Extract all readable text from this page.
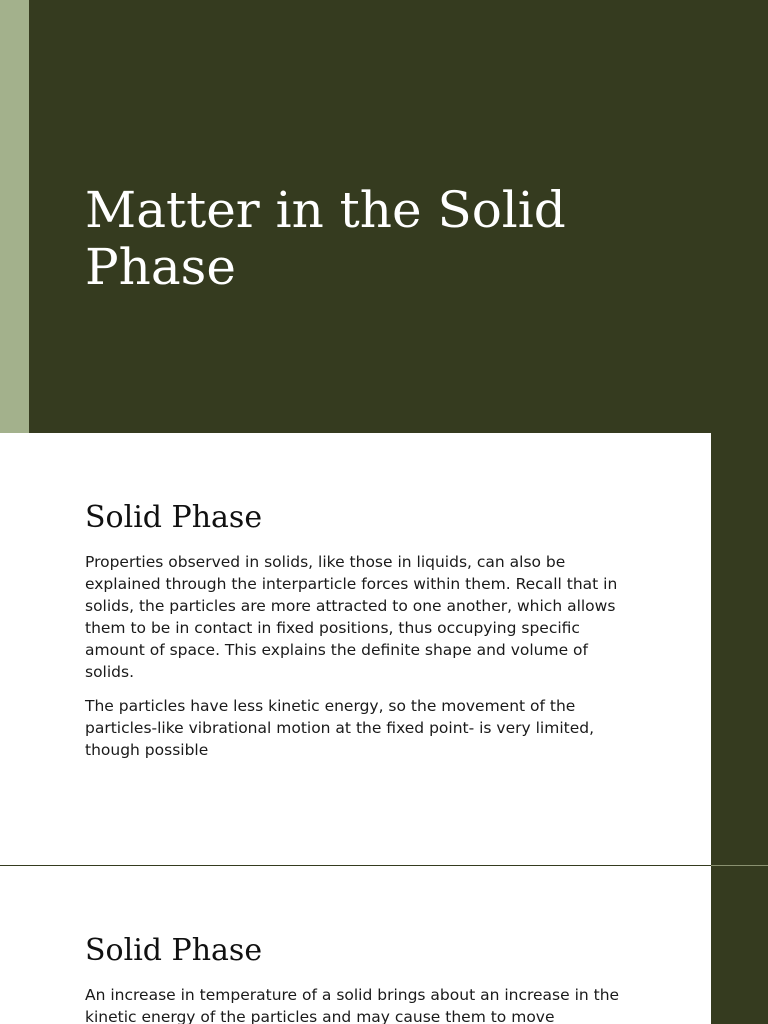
Matter in the Solid Phase
Solid Phase

Properties observed in solids, like those in liquids, can also be explained through the interparticle forces within them. Recall that in solids, the particles are more attracted to one another, which allows them to be in contact in fixed positions, thus occupying specific amount of space. This explains the definite shape and volume of solids.

The particles have less kinetic energy, so the movement of the particles-like vibrational motion at the fixed point- is very limited, though possible

Solid Phase

An increase in temperature of a solid brings about an increase in the kinetic energy of the particles and may cause them to move
